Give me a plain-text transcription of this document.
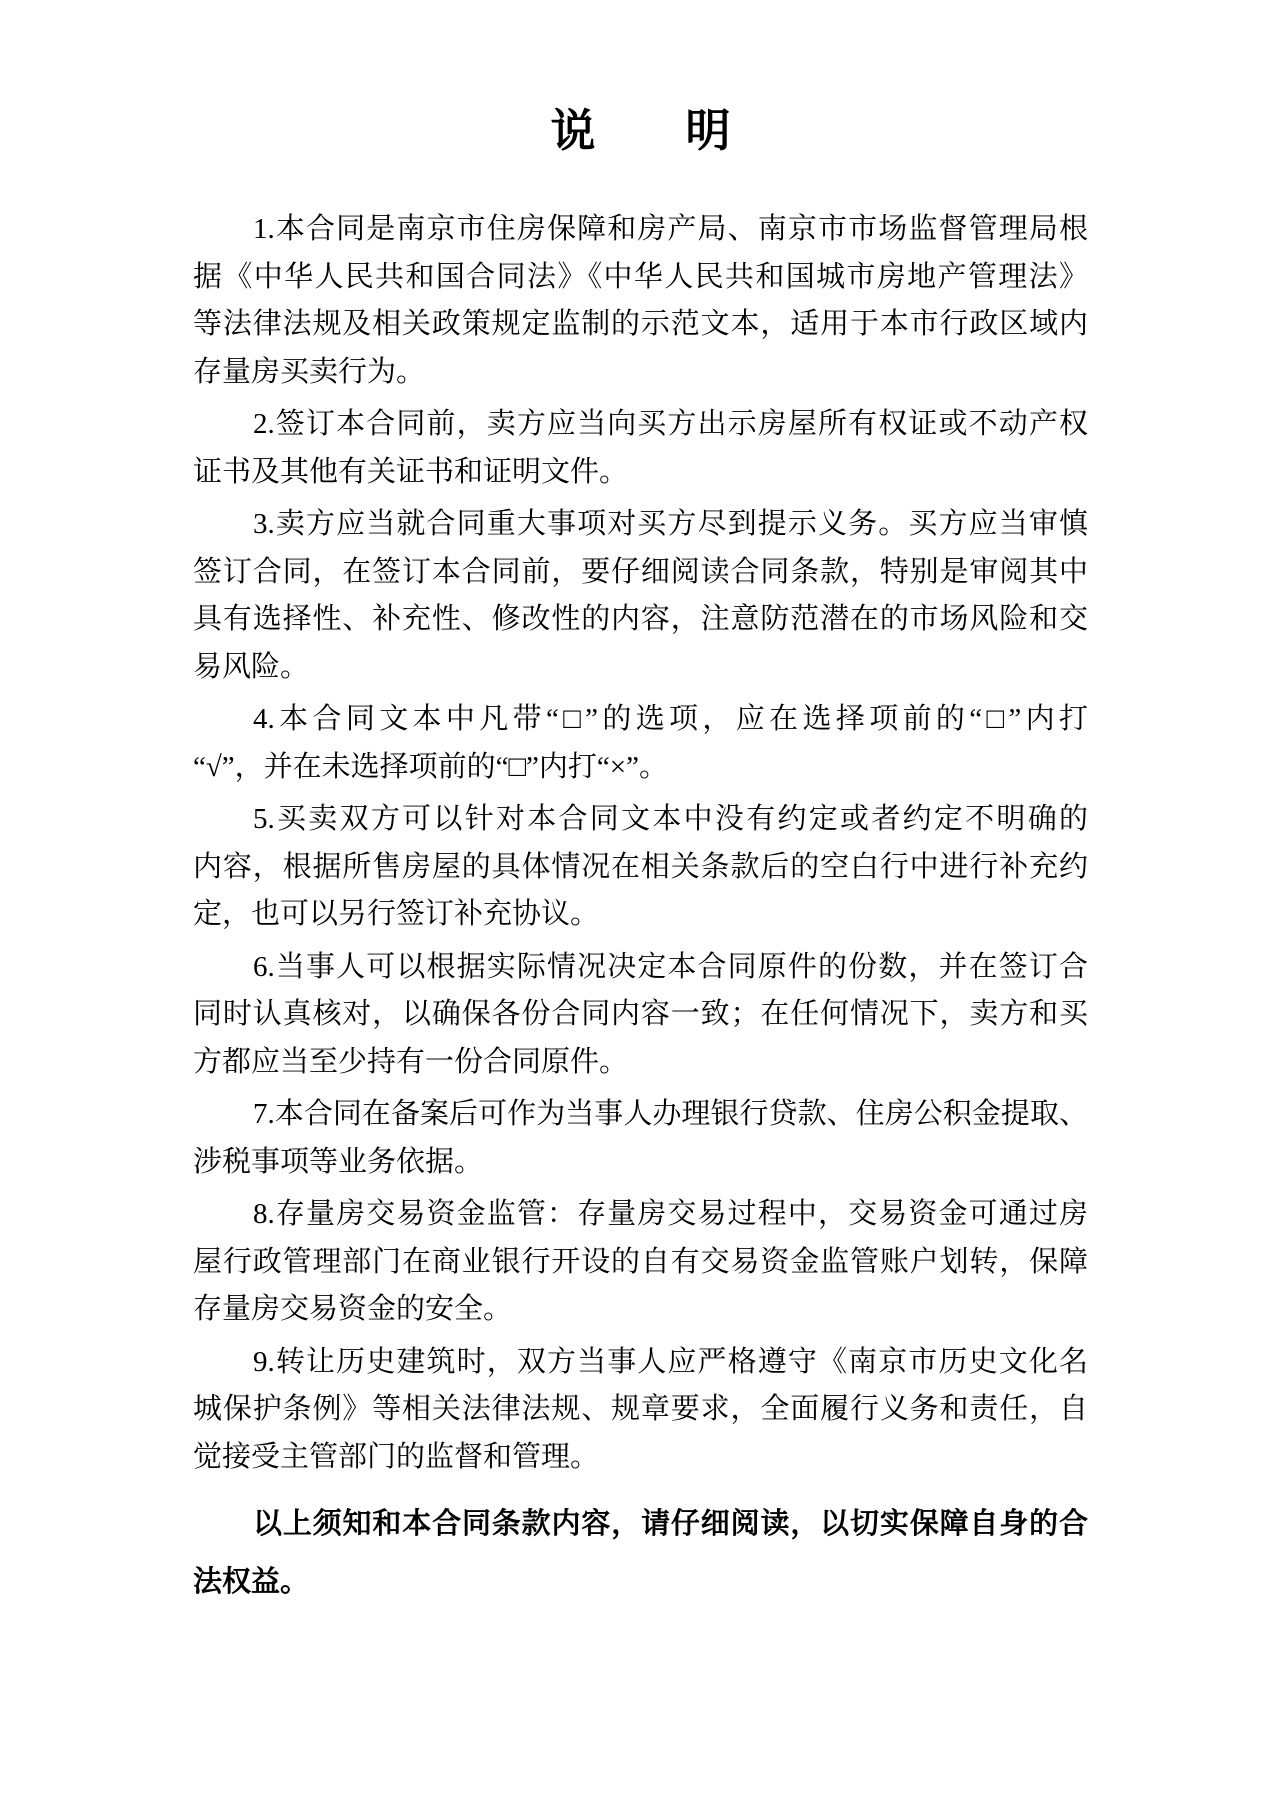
说　　明
1.本合同是南京市住房保障和房产局、南京市市场监督管理局根
据《中华人民共和国合同法》《中华人民共和国城市房地产管理法》
等法律法规及相关政策规定监制的示范文本，适用于本市行政区域内
存量房买卖行为。
2.签订本合同前，卖方应当向买方出示房屋所有权证或不动产权
证书及其他有关证书和证明文件。
3.卖方应当就合同重大事项对买方尽到提示义务。买方应当审慎
签订合同，在签订本合同前，要仔细阅读合同条款，特别是审阅其中
具有选择性、补充性、修改性的内容，注意防范潜在的市场风险和交
易风险。
4.本合同文本中凡带“□”的选项，应在选择项前的“□”内打
“√”，并在未选择项前的“□”内打“×”。
5.买卖双方可以针对本合同文本中没有约定或者约定不明确的
内容，根据所售房屋的具体情况在相关条款后的空白行中进行补充约
定，也可以另行签订补充协议。
6.当事人可以根据实际情况决定本合同原件的份数，并在签订合
同时认真核对，以确保各份合同内容一致；在任何情况下，卖方和买
方都应当至少持有一份合同原件。
7.本合同在备案后可作为当事人办理银行贷款、住房公积金提取、
涉税事项等业务依据。
8.存量房交易资金监管：存量房交易过程中，交易资金可通过房
屋行政管理部门在商业银行开设的自有交易资金监管账户划转，保障
存量房交易资金的安全。
9.转让历史建筑时，双方当事人应严格遵守《南京市历史文化名
城保护条例》等相关法律法规、规章要求，全面履行义务和责任，自
觉接受主管部门的监督和管理。
以上须知和本合同条款内容，请仔细阅读，以切实保障自身的合
法权益。
